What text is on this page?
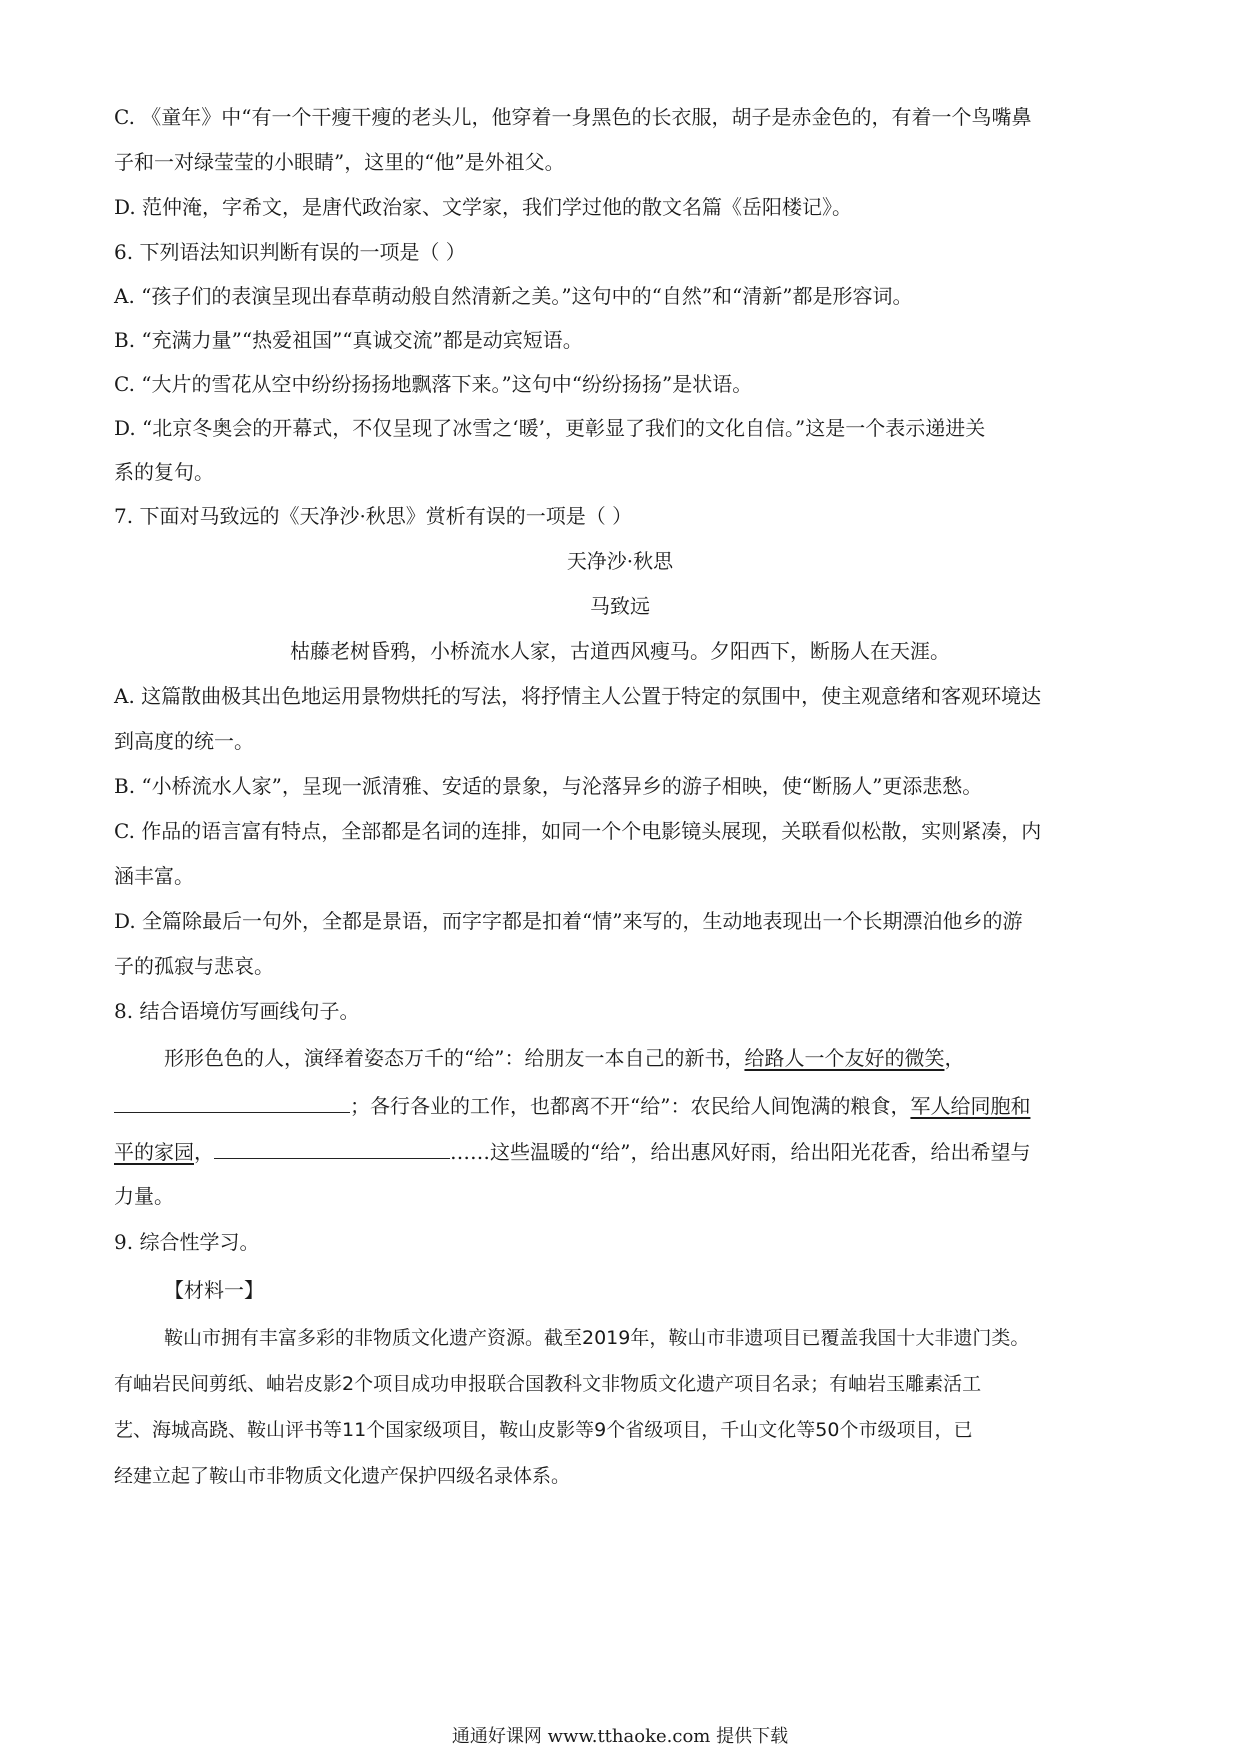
C. 《童年》中“有一个干瘦干瘦的老头儿，他穿着一身黑色的长衣服，胡子是赤金色的，有着一个鸟嘴鼻
子和一对绿莹莹的小眼睛”，这里的“他”是外祖父。
D. 范仲淹，字希文，是唐代政治家、文学家，我们学过他的散文名篇《岳阳楼记》。
6. 下列语法知识判断有误的一项是（ ）
A. “孩子们的表演呈现出春草萌动般自然清新之美。”这句中的“自然”和“清新”都是形容词。
B. “充满力量”“热爱祖国”“真诚交流”都是动宾短语。
C. “大片的雪花从空中纷纷扬扬地飘落下来。”这句中“纷纷扬扬”是状语。
D. “北京冬奥会的开幕式，不仅呈现了冰雪之‘暖’，更彰显了我们的文化自信。”这是一个表示递进关
系的复句。
7. 下面对马致远的《天净沙·秋思》赏析有误的一项是（ ）
天净沙·秋思
马致远
枯藤老树昏鸦，小桥流水人家，古道西风瘦马。夕阳西下，断肠人在天涯。
A. 这篇散曲极其出色地运用景物烘托的写法，将抒情主人公置于特定的氛围中，使主观意绪和客观环境达
到高度的统一。
B. “小桥流水人家”，呈现一派清雅、安适的景象，与沦落异乡的游子相映，使“断肠人”更添悲愁。
C. 作品的语言富有特点，全部都是名词的连排，如同一个个电影镜头展现，关联看似松散，实则紧凑，内
涵丰富。
D. 全篇除最后一句外，全都是景语，而字字都是扣着“情”来写的，生动地表现出一个长期漂泊他乡的游
子的孤寂与悲哀。
8. 结合语境仿写画线句子。
形形色色的人，演绎着姿态万千的“给”：给朋友一本自己的新书，给路人一个友好的微笑，
；各行各业的工作，也都离不开“给”：农民给人间饱满的粮食，军人给同胞和
平的家园，	……这些温暖的“给”，给出惠风好雨，给出阳光花香，给出希望与
力量。
9. 综合性学习。
【材料一】
鞍山市拥有丰富多彩的非物质文化遗产资源。截至2019年，鞍山市非遗项目已覆盖我国十大非遗门类。
有岫岩民间剪纸、岫岩皮影2个项目成功申报联合国教科文非物质文化遗产项目名录；有岫岩玉雕素活工
艺、海城高跷、鞍山评书等11个国家级项目，鞍山皮影等9个省级项目，千山文化等50个市级项目，已
经建立起了鞍山市非物质文化遗产保护四级名录体系。
通通好课网 www.tthaoke.com 提供下载
